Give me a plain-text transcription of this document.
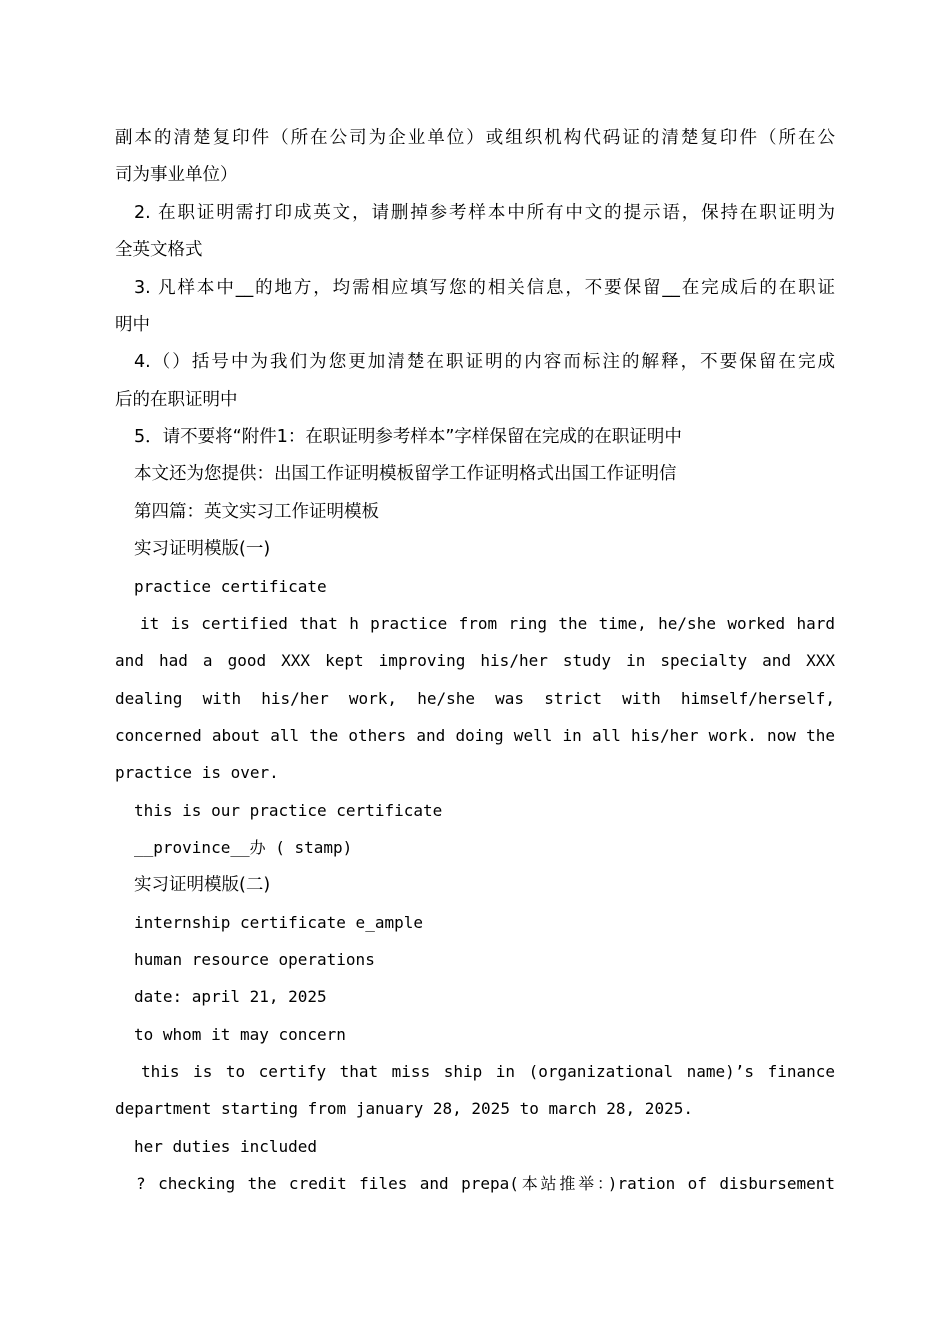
副本的清楚复印件（所在公司为企业单位）或组织机构代码证的清楚复印件（所在公
司为事业单位）
2. 在职证明需打印成英文，请删掉参考样本中所有中文的提示语，保持在职证明为
全英文格式
3. 凡样本中__的地方，均需相应填写您的相关信息，不要保留__在完成后的在职证
明中
4.（）括号中为我们为您更加清楚在职证明的内容而标注的解释，不要保留在完成
后的在职证明中
5．请不要将“附件1：在职证明参考样本”字样保留在完成的在职证明中
本文还为您提供：出国工作证明模板留学工作证明格式出国工作证明信
第四篇：英文实习工作证明模板
实习证明模版(一)
practice certificate
it is certified that h practice from ring the time, he/she worked hard
and had a good XXX kept improving his/her study in specialty and XXX
dealing with his/her work, he/she was strict with himself/herself,
concerned about all the others and doing well in all his/her work. now the
practice is over.
this is our practice certificate
__province__办 ( stamp)
实习证明模版(二)
internship certificate e_ample
human resource operations
date: april 21, 2025
to whom it may concern
this is to certify that miss ship in (organizational name)’s finance
department starting from january 28, 2025 to march 28, 2025.
her duties included
? checking the credit files and prepa(本站推举：)ration of disbursement
